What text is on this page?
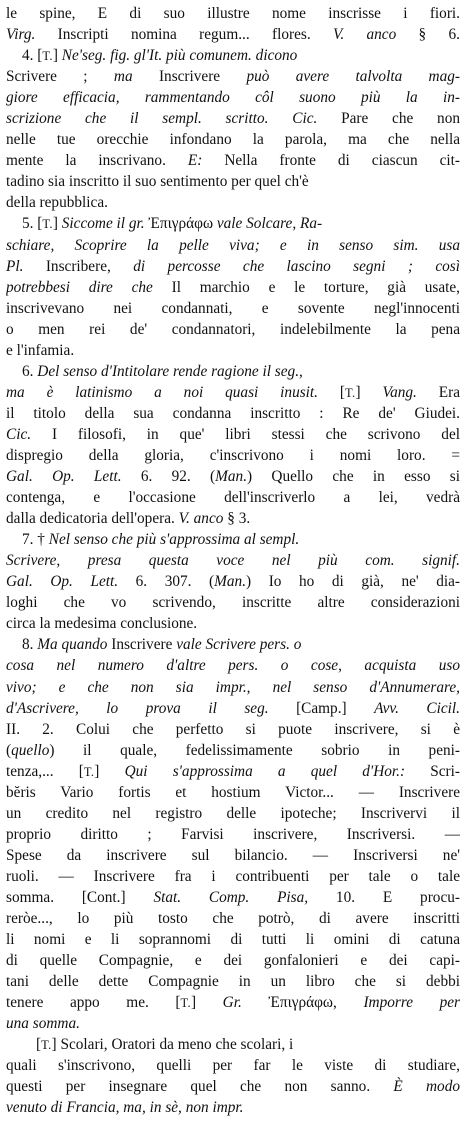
le spine, E di suo illustre nome inscrisse i fiori.
Virg. Inscripti nomina regum... flores. V. anco § 6.
4. [T.] Ne'seg. fig. gl'It. più comunem. dicono
Scrivere ; ma Inscrivere può avere talvolta mag-
giore efficacia, rammentando côl suono più la in-
scrizione che il sempl. scritto. Cic. Pare che non
nelle tue orecchie infondano la parola, ma che nella
mente la inscrivano. E: Nella fronte di ciascun cit-
tadino sia inscritto il suo sentimento per quel ch'è
della repubblica.
5. [T.] Siccome il gr. Ἐπιγράφω vale Solcare, Ra-
schiare, Scoprire la pelle viva; e in senso sim. usa
Pl. Inscribere, di percosse che lascino segni ; così
potrebbesi dire che Il marchio e le torture, già usate,
inscrivevano nei condannati, e sovente negl'innocenti
o men rei de' condannatori, indelebilmente la pena
e l'infamia.
6. Del senso d'Intitolare rende ragione il seg.,
ma è latinismo a noi quasi inusit. [T.] Vang. Era
il titolo della sua condanna inscritto : Re de' Giudei.
Cic. I filosofi, in que' libri stessi che scrivono del
dispregio della gloria, c'inscrivono i nomi loro. =
Gal. Op. Lett. 6. 92. (Man.) Quello che in esso si
contenga, e l'occasione dell'inscriverlo a lei, vedrà
dalla dedicatoria dell'opera. V. anco § 3.
7. † Nel senso che più s'approssima al sempl.
Scrivere, presa questa voce nel più com. signif.
Gal. Op. Lett. 6. 307. (Man.) Io ho di già, ne' dia-
loghi che vo scrivendo, inscritte altre considerazioni
circa la medesima conclusione.
8. Ma quando Inscrivere vale Scrivere pers. o
cosa nel numero d'altre pers. o cose, acquista uso
vivo; e che non sia impr., nel senso d'Annumerare,
d'Ascrivere, lo prova il seg. [Camp.] Avv. Cicil.
II. 2. Colui che perfetto si puote inscrivere, si è
(quello) il quale, fedelissimamente sobrio in peni-
tenza,... [T.] Qui s'approssima a quel d'Hor.: Scri-
bĕris Vario fortis et hostium Victor... — Inscrivere
un credito nel registro delle ipoteche; Inscrivervi il
proprio diritto ; Farvisi inscrivere, Inscriversi. —
Spese da inscrivere sul bilancio. — Inscriversi ne'
ruoli. — Inscrivere fra i contribuenti per tale o tale
somma. [Cont.] Stat. Comp. Pisa, 10. E procu-
reròe..., lo più tosto che potrò, di avere inscritti
li nomi e li soprannomi di tutti li omini di catuna
di quelle Compagnie, e dei gonfalonieri e dei capi-
tani delle dette Compagnie in un libro che si debbi
tenere appo me. [T.] Gr. Ἐπιγράφω, Imporre per
una somma.
[T.] Scolari, Oratori da meno che scolari, i
quali s'inscrivono, quelli per far le viste di studiare,
questi per insegnare quel che non sanno. È modo
venuto di Francia, ma, in sè, non impr.
